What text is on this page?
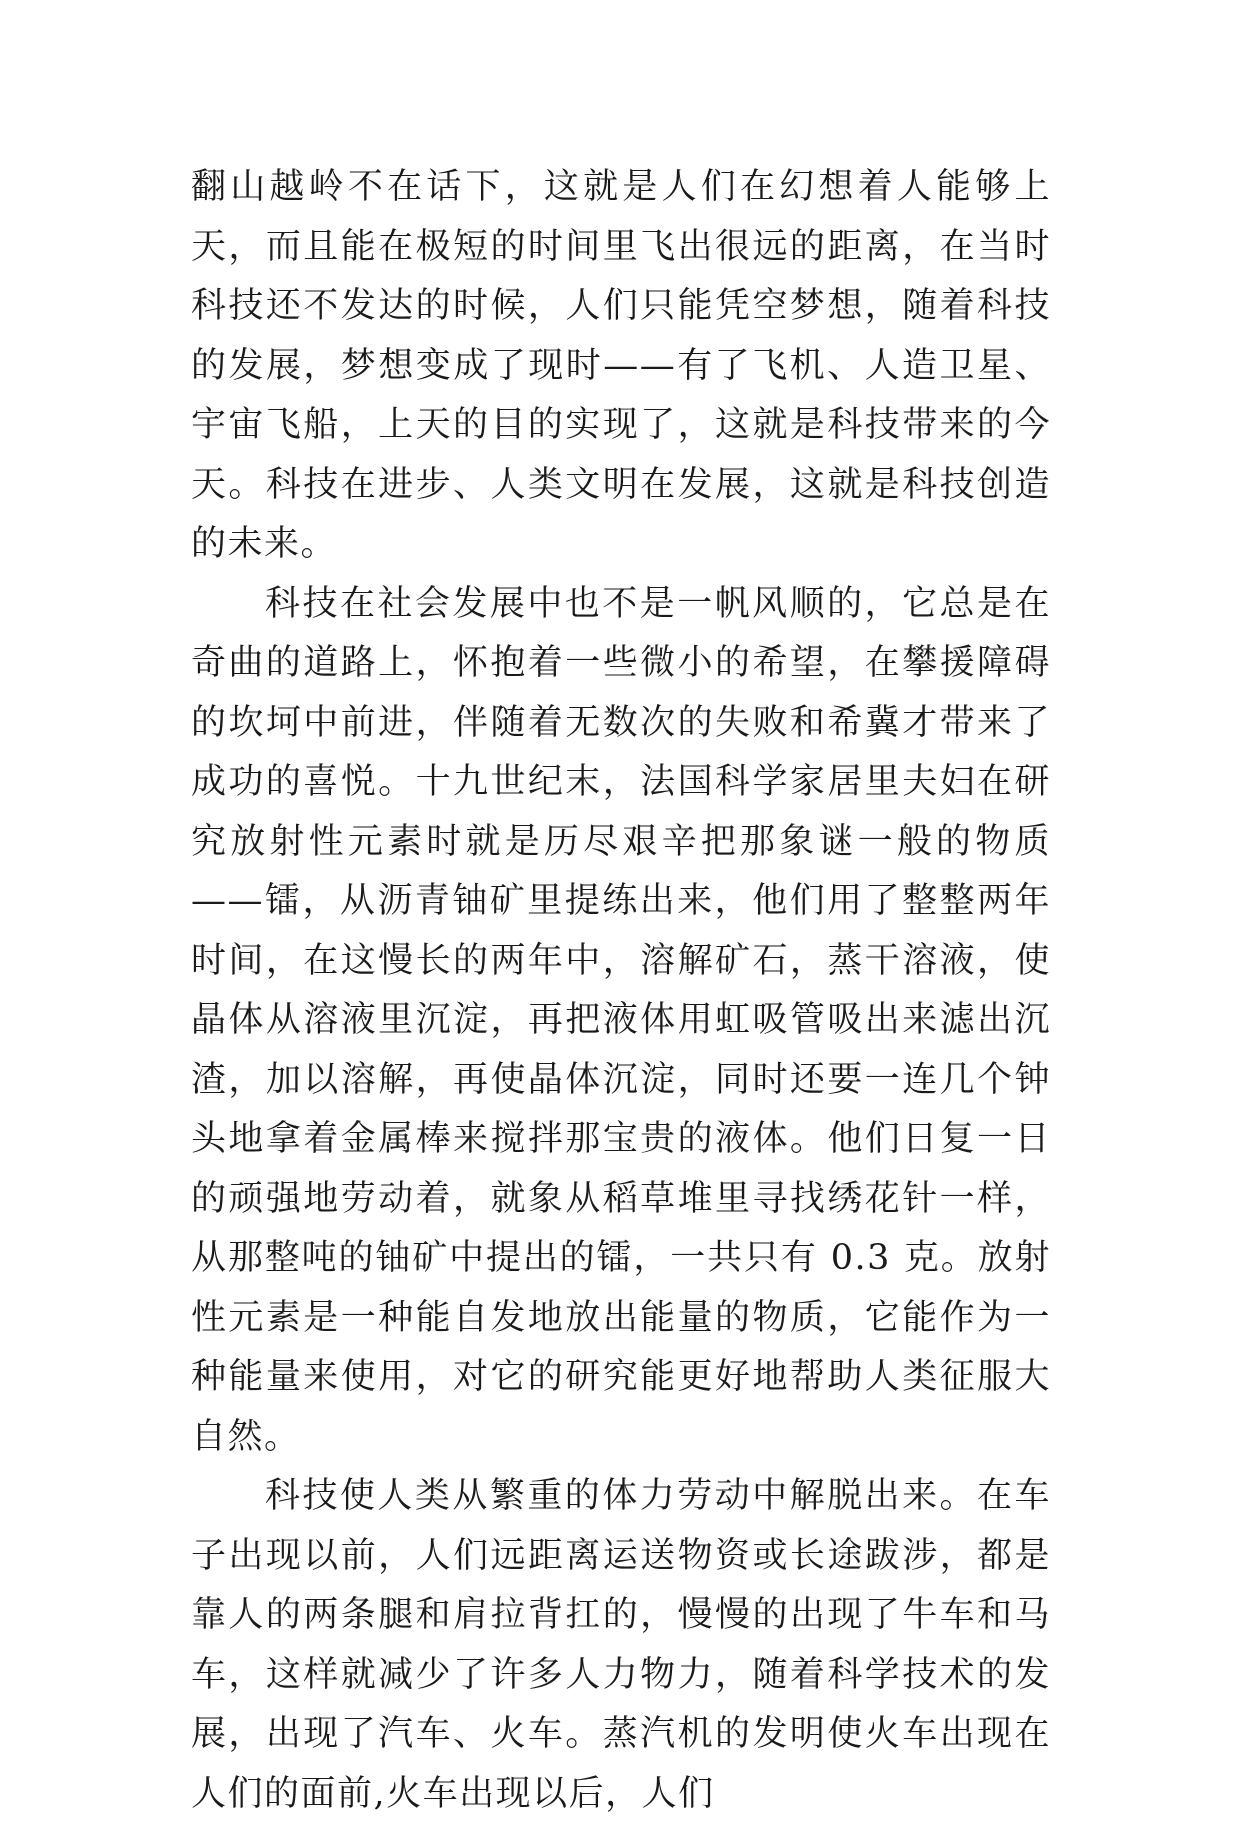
翻山越岭不在话下，这就是人们在幻想着人能够上天，而且能在极短的时间里飞出很远的距离，在当时科技还不发达的时候，人们只能凭空梦想，随着科技的发展，梦想变成了现时——有了飞机、人造卫星、宇宙飞船，上天的目的实现了，这就是科技带来的今天。科技在进步、人类文明在发展，这就是科技创造的未来。

科技在社会发展中也不是一帆风顺的，它总是在奇曲的道路上，怀抱着一些微小的希望，在攀援障碍的坎坷中前进，伴随着无数次的失败和希冀才带来了成功的喜悦。十九世纪末，法国科学家居里夫妇在研究放射性元素时就是历尽艰辛把那象谜一般的物质——镭，从沥青铀矿里提练出来，他们用了整整两年时间，在这慢长的两年中，溶解矿石，蒸干溶液，使晶体从溶液里沉淀，再把液体用虹吸管吸出来滤出沉渣，加以溶解，再使晶体沉淀，同时还要一连几个钟头地拿着金属棒来搅拌那宝贵的液体。他们日复一日的顽强地劳动着，就象从稻草堆里寻找绣花针一样，从那整吨的铀矿中提出的镭，一共只有 0.3 克。放射性元素是一种能自发地放出能量的物质，它能作为一种能量来使用，对它的研究能更好地帮助人类征服大自然。

科技使人类从繁重的体力劳动中解脱出来。在车子出现以前，人们远距离运送物资或长途跋涉，都是靠人的两条腿和肩拉背扛的，慢慢的出现了牛车和马车，这样就减少了许多人力物力，随着科学技术的发展，出现了汽车、火车。蒸汽机的发明使火车出现在人们的面前,火车出现以后，人们
